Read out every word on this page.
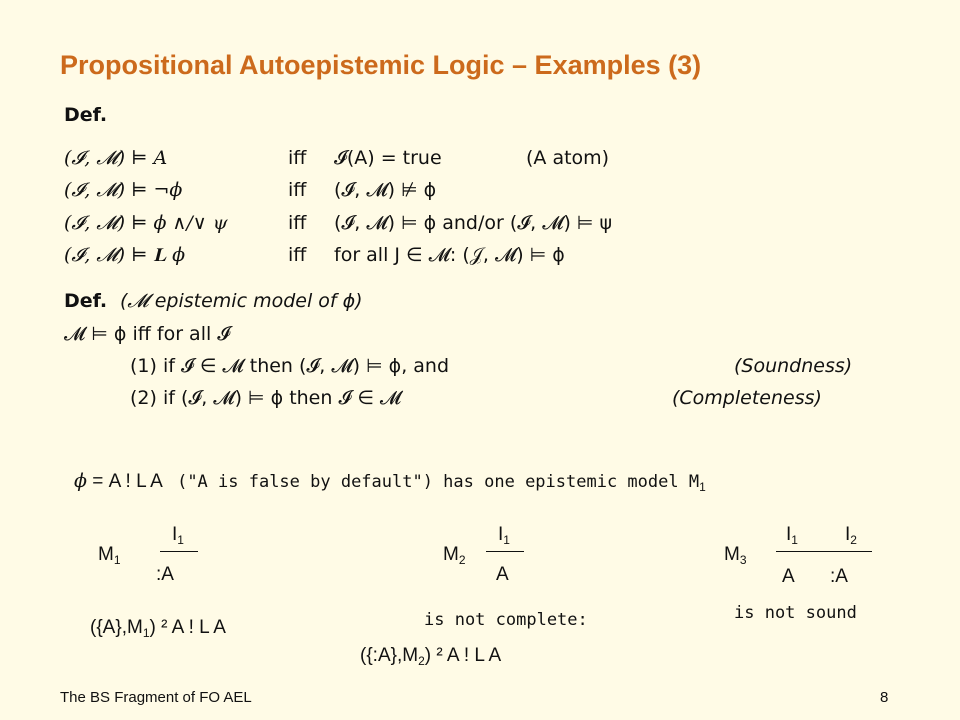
Propositional Autoepistemic Logic – Examples (3)
Def.
(𝓘, 𝓜) ⊨ A	iff 𝓘(A) = true	(A atom)
(𝓘, 𝓜) ⊨ ¬ϕ	iff (𝓘, 𝓜) ⊭ ϕ
(𝓘, 𝓜) ⊨ ϕ ∧/∨ ψ	iff (𝓘, 𝓜) ⊨ ϕ and/or (𝓘, 𝓜) ⊨ ψ
(𝓘, 𝓜) ⊨ 𝐋 ϕ	iff for all J ∈ 𝓜: (𝒥, 𝓜) ⊨ ϕ
Def. (𝓜 epistemic model of ϕ)
𝓜 ⊨ ϕ iff for all 𝓘
(1) if 𝓘 ∈ 𝓜 then (𝓘, 𝓜) ⊨ ϕ, and	(Soundness)
(2) if (𝓘, 𝓜) ⊨ ϕ then 𝓘 ∈ 𝓜	(Completeness)
ϕ = A ! L A ("A is false by default") has one epistemic model $M_1$
$M_1$
$I_1$
:A
$(\{A\},M_1)$ ² A ! L A
$M_2$
$I_1$
A
is not complete:
$(\{:A\},M_2)$ ² A ! L A
$M_3$
$I_1$ $I_2$
A :A
is not sound
The BS Fragment of FO AEL	8
